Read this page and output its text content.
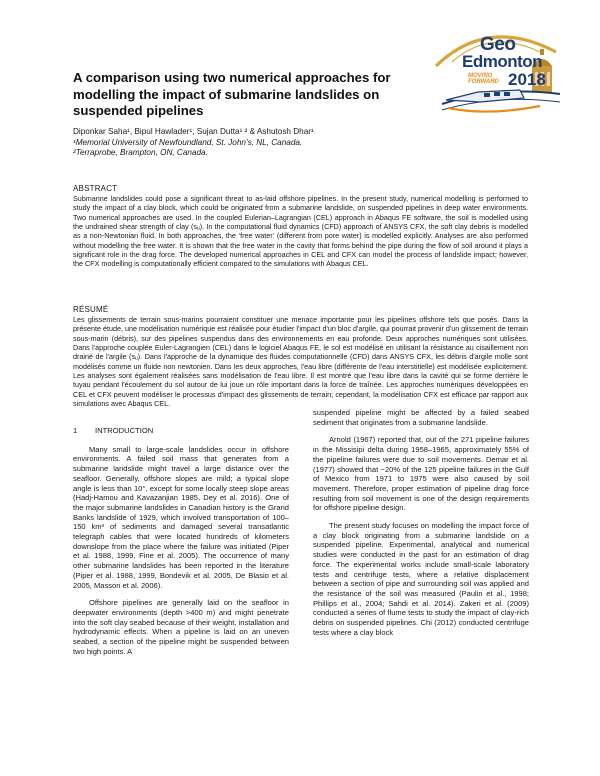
Geo
Edmonton
MOVING
FORWARD 2018
A comparison using two numerical approaches for modelling the impact of submarine landslides on suspended pipelines
Diponkar Saha¹, Bipul Hawlader¹, Sujan Dutta¹ ² & Ashutosh Dhar¹
¹Memorial University of Newfoundland, St. John’s, NL, Canada.
²Terraprobe, Brampton, ON, Canada.
ABSTRACT
Submarine landslides could pose a significant threat to as-laid offshore pipelines. In the present study, numerical modelling is performed to study the impact of a clay block, which could be originated from a submarine landslide, on suspended pipelines in deep water environments. Two numerical approaches are used. In the coupled Eulerian–Lagrangian (CEL) approach in Abaqus FE software, the soil is modelled using the undrained shear strength of clay (sᵤ). In the computational fluid dynamics (CFD) approach of ANSYS CFX, the soft clay debris is modelled as a non-Newtonian fluid. In both approaches, the ‘free water’ (different from pore water) is modelled explicitly. Analyses are also performed without modelling the free water. It is shown that the free water in the cavity that forms behind the pipe during the flow of soil around it plays a significant role in the drag force. The developed numerical approaches in CEL and CFX can model the process of landslide impact; however, the CFX modelling is computationally efficient compared to the simulations with Abaqus CEL.
RÉSUMÉ
Les glissements de terrain sous-marins pourraient constituer une menace importante pour les pipelines offshore tels que posés. Dans la présente étude, une modélisation numérique est réalisée pour étudier l'impact d'un bloc d'argile, qui pourrait provenir d'un glissement de terrain sous-marin (débris), sur des pipelines suspendus dans des environnements en eau profonde. Deux approches numériques sont utilisées. Dans l'approche couplée Euler-Lagrangien (CEL) dans le logiciel Abaqus FE, le sol est modélisé en utilisant la résistance au cisaillement non drainé de l'argile (sᵤ). Dans l'approche de la dynamique des fluides computationnelle (CFD) dans ANSYS CFX, les débris d'argile molle sont modélisés comme un fluide non newtonien. Dans les deux approches, l'eau libre (différente de l'eau interstitielle) est modélisée explicitement. Les analyses sont également réalisées sans modélisation de l'eau libre. Il est montré que l'eau libre dans la cavité qui se forme derrière le tuyau pendant l'écoulement du sol autour de lui joue un rôle important dans la force de traînée. Les approches numériques développées en CEL et CFX peuvent modéliser le processus d'impact des glissements de terrain; cependant, la modélisation CFX est efficace par rapport aux simulations avec Abaqus CEL.
1	INTRODUCTION

Many small to large-scale landslides occur in offshore environments. A failed soil mass that generates from a submarine landslide might travel a large distance over the seafloor. Generally, offshore slopes are mild; a typical slope angle is less than 10°, except for some locally steep slope areas (Hadj-Hamou and Kavazanjian 1985, Dey et al. 2016). One of the major submarine landslides in Canadian history is the Grand Banks landslide of 1929, which involved transportation of 100–150 km³ of sediments and damaged several transatlantic telegraph cables that were located hundreds of kilometers downslope from the place where the failure was initiated (Piper et al. 1988, 1999, Fine et al. 2005). The occurrence of many other submarine landslides has been reported in the literature (Piper et al. 1988, 1999, Bondevik et al. 2005, De Blasio et al. 2005, Masson et al. 2006).

Offshore pipelines are generally laid on the seafloor in deepwater environments (depth >400 m) and might penetrate into the soft clay seabed because of their weight, installation and hydrodynamic effects. When a pipeline is laid on an uneven seabed, a section of the pipeline might be suspended between two high points. A

suspended pipeline might be affected by a failed seabed sediment that originates from a submarine landslide.

Arnold (1967) reported that, out of the 271 pipeline failures in the Missisipi delta during 1958–1965, approximately 55% of the pipeline failures were due to soil movements. Demar et al. (1977) showed that ~20% of the 125 pipeline failures in the Gulf of Mexico from 1971 to 1975 were also caused by soil movement. Therefore, proper estimation of pipeline drag force resulting from soil movement is one of the design requirements for offshore pipeline design.

The present study focuses on modelling the impact force of a clay block originating from a submarine landslide on a suspended pipeline. Experimental, analytical and numerical studies were conducted in the past for an estimation of drag force. The experimental works include small-scale laboratory tests and centrifuge tests, where a relative displacement between a section of pipe and surrounding soil was applied and the resistance of the soil was measured (Paulin et al., 1998; Phillips et al., 2004; Sahdi et al. 2014). Zakeri et al. (2009) conducted a series of flume tests to study the impact of clay-rich debris on suspended pipelines. Chi (2012) conducted centrifuge tests where a clay block
